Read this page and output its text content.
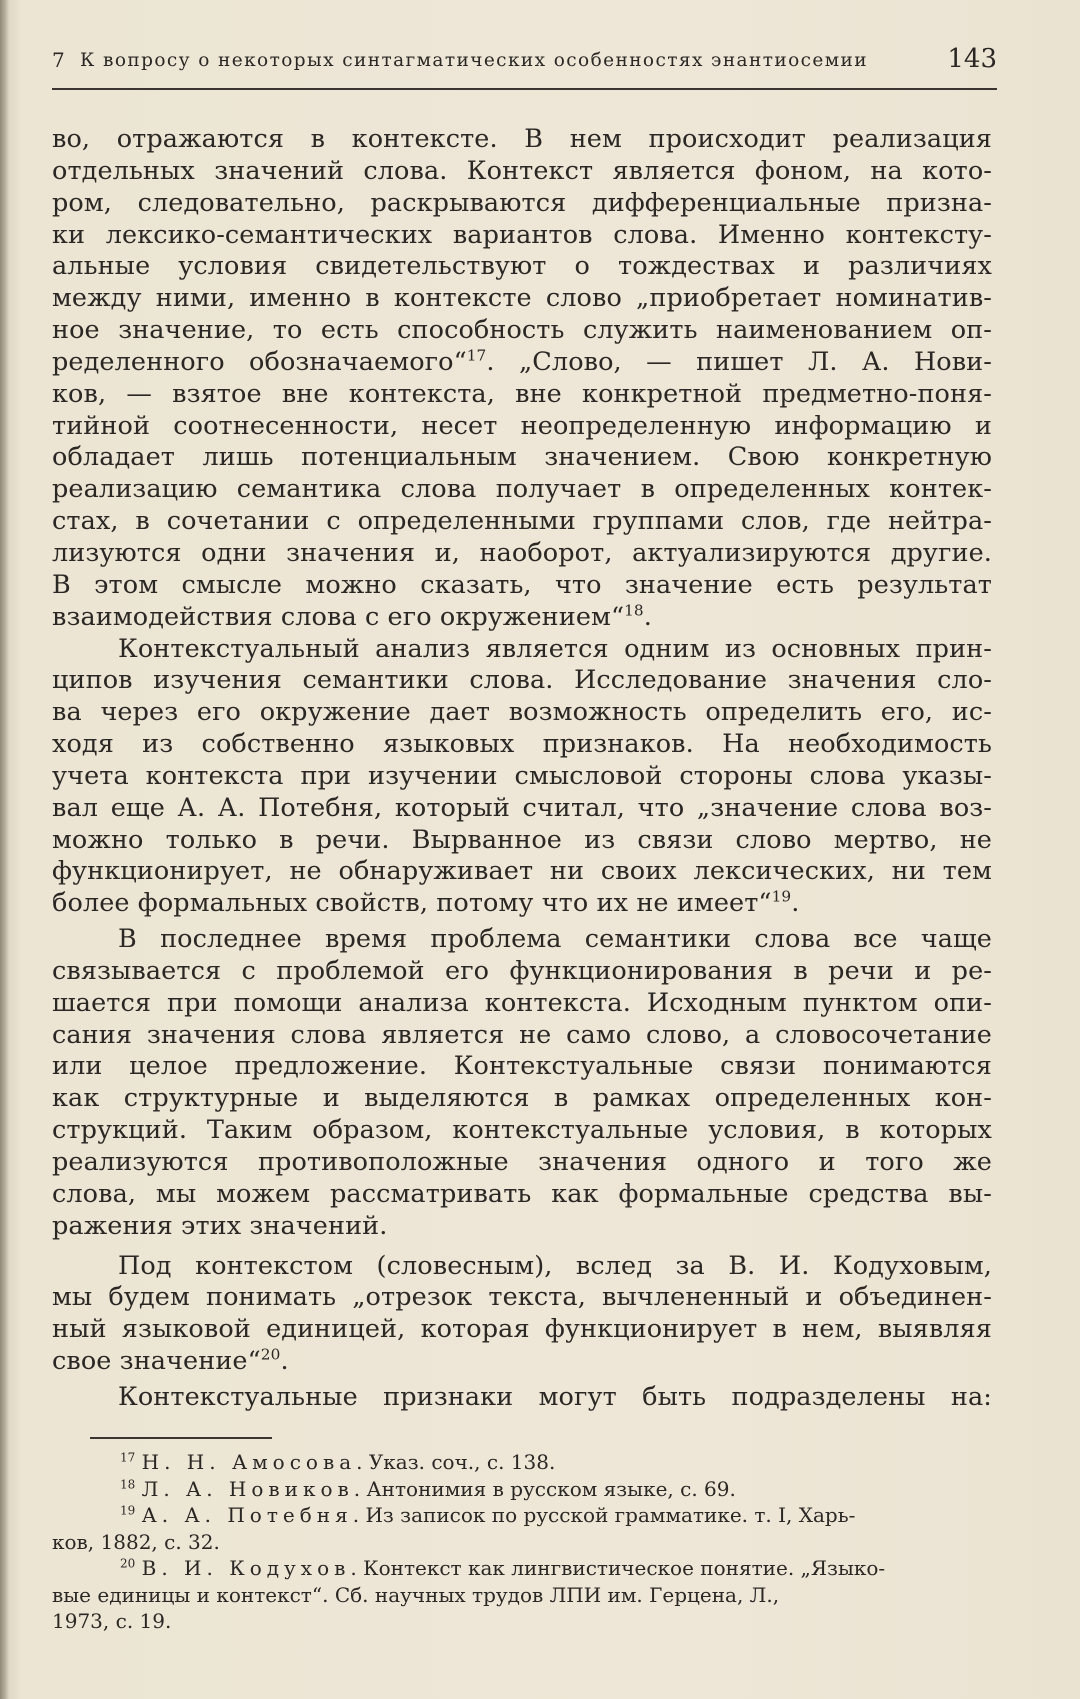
7 К вопросу о некоторых синтагматических особенностях энантиосемии	143

во, отражаются в контексте. В нем происходит реализация

отдельных значений слова. Контекст является фоном, на кото-

ром, следовательно, раскрываются дифференциальные призна-

ки лексико-семантических вариантов слова. Именно контексту-

альные условия свидетельствуют о тождествах и различиях

между ними, именно в контексте слово „приобретает номинатив-

ное значение, то есть способность служить наименованием оп-

ределенного обозначаемого“$^{17}$. „Слово, — пишет Л. А. Нови-

ков, — взятое вне контекста, вне конкретной предметно-поня-

тийной соотнесенности, несет неопределенную информацию и

обладает лишь потенциальным значением. Свою конкретную

реализацию семантика слова получает в определенных контек-

стах, в сочетании с определенными группами слов, где нейтра-

лизуются одни значения и, наоборот, актуализируются другие.

В этом смысле можно сказать, что значение есть результат

взаимодействия слова с его окружением“$^{18}$.

Контекстуальный анализ является одним из основных прин-

ципов изучения семантики слова. Исследование значения сло-

ва через его окружение дает возможность определить его, ис-

ходя из собственно языковых признаков. На необходимость

учета контекста при изучении смысловой стороны слова указы-

вал еще А. А. Потебня, который считал, что „значение слова воз-

можно только в речи. Вырванное из связи слово мертво, не

функционирует, не обнаруживает ни своих лексических, ни тем

более формальных свойств, потому что их не имеет“$^{19}$.

В последнее время проблема семантики слова все чаще

связывается с проблемой его функционирования в речи и ре-

шается при помощи анализа контекста. Исходным пунктом опи-

сания значения слова является не само слово, а словосочетание

или целое предложение. Контекстуальные связи понимаются

как структурные и выделяются в рамках определенных кон-

струкций. Таким образом, контекстуальные условия, в которых

реализуются противоположные значения одного и того же

слова, мы можем рассматривать как формальные средства вы-

ражения этих значений.

Под контекстом (словесным), вслед за В. И. Кодуховым,

мы будем понимать „отрезок текста, вычлененный и объединен-

ный языковой единицей, которая функционирует в нем, выявляя

свое значение“$^{20}$.

Контекстуальные признаки могут быть подразделены на:

$^{17}$ Н. Н. Амосова. Указ. соч., с. 138.

$^{18}$ Л. А. Новиков. Антонимия в русском языке, с. 69.

$^{19}$ А. А. Потебня. Из записок по русской грамматике. т. I, Харь-

ков, 1882, с. 32.

$^{20}$ В. И. Кодухов. Контекст как лингвистическое понятие. „Языко-

вые единицы и контекст“. Сб. научных трудов ЛПИ им. Герцена, Л.,

1973, с. 19.
